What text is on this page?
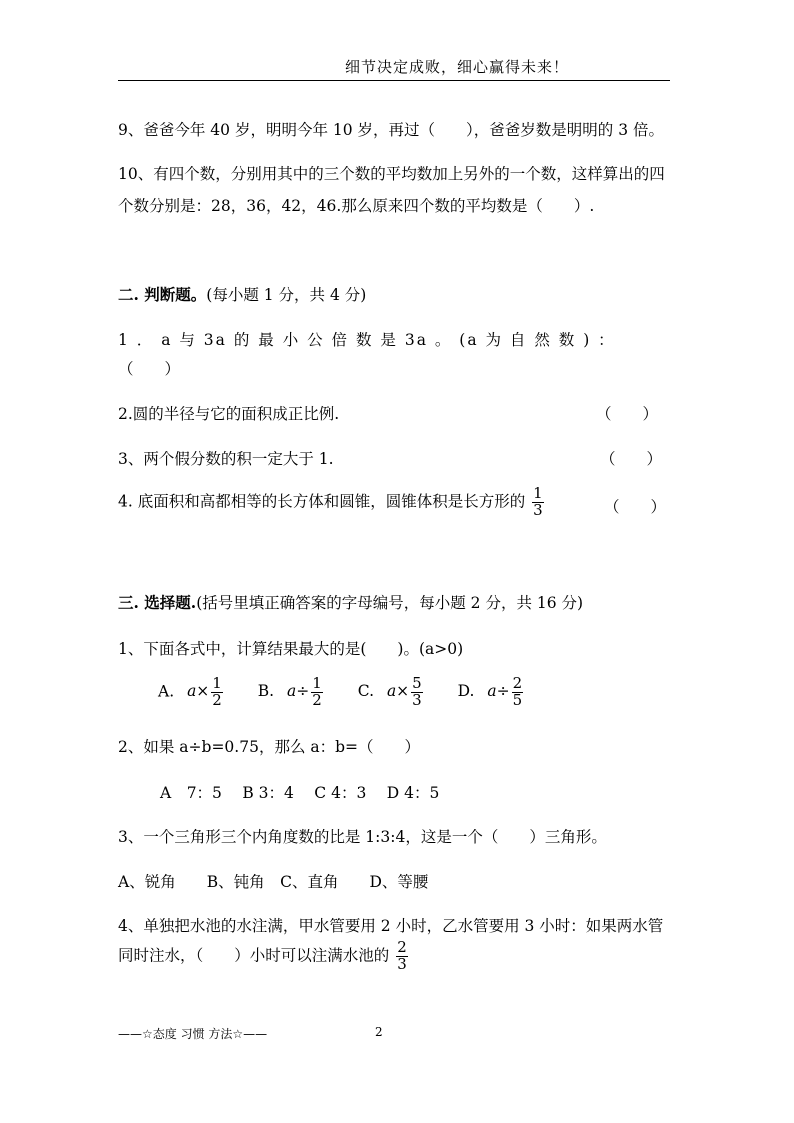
细节决定成败，细心赢得未来！
9、爸爸今年 40 岁，明明今年 10 岁，再过（　　），爸爸岁数是明明的 3 倍。
10、有四个数，分别用其中的三个数的平均数加上另外的一个数，这样算出的四
个数分别是：28，36，42，46.那么原来四个数的平均数是（　　）.
二. 判断题。(每小题 1 分，共 4 分)
1 ． a 与 3a 的 最 小 公 倍 数 是 3a 。 (a 为 自 然 数 ) ：
（　　）
2.圆的半径与它的面积成正比例.	（　　）
3、两个假分数的积一定大于 1.	（　　）
4. 底面积和高都相等的长方体和圆锥，圆锥体积是长方形的 $\frac{1}{3}$	（　　）
三. 选择题.(括号里填正确答案的字母编号，每小题 2 分，共 16 分)
1、下面各式中，计算结果最大的是(　　)。(a>0)
A. $a\times \frac{1}{2} B$. $a\div \frac{1}{2} C$. $a\times \frac{5}{3} D$. $a\div \frac{2}{5}$
2、如果 a÷b=0.75，那么 a：b=（　　）
A　7：5　 B 3：4　 C 4：3　 D 4：5
3、一个三角形三个内角度数的比是 1:3:4，这是一个（　　）三角形。
A、锐角　　B、钝角　C、直角　　D、等腰
4、单独把水池的水注满，甲水管要用 2 小时，乙水管要用 3 小时：如果两水管
同时注水，（　　）小时可以注满水池的 $\frac{2}{3}$
——☆态度 习惯 方法☆——	2
